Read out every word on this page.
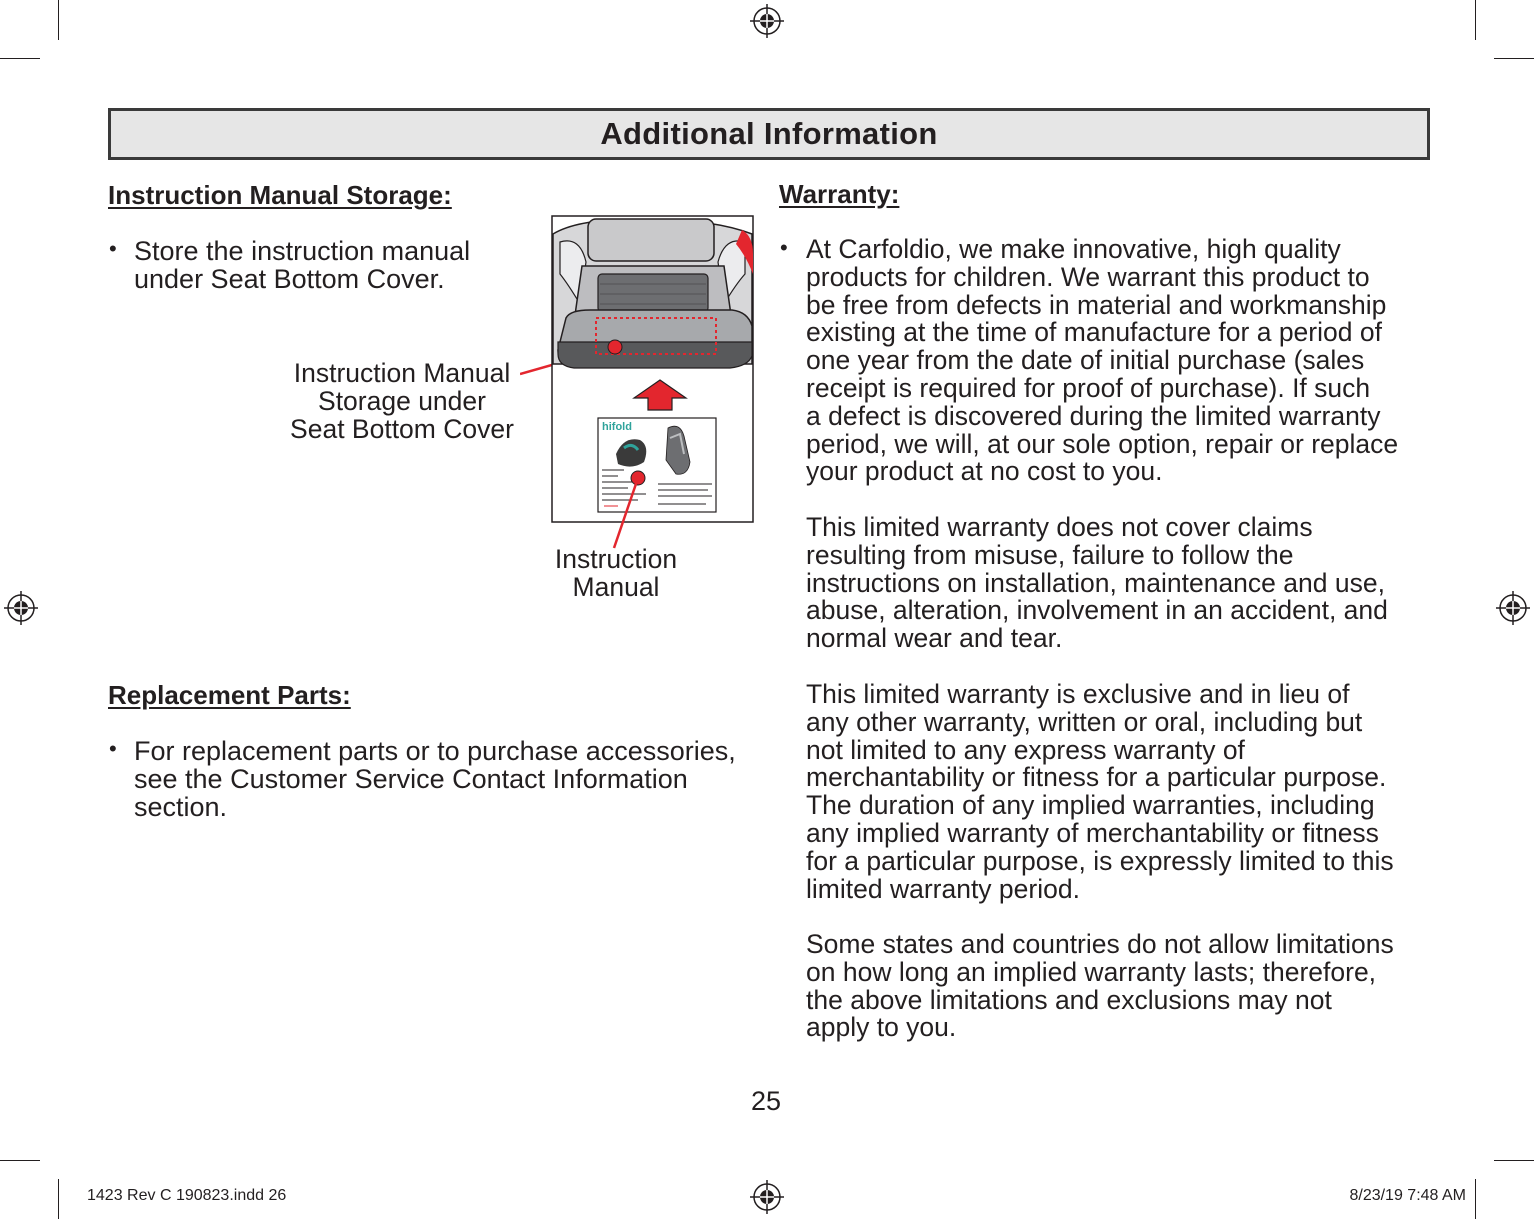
Additional Information
Instruction Manual Storage:
• Store the instruction manual
under Seat Bottom Cover.
Instruction Manual
Storage under
Seat Bottom Cover	hifold
Instruction
Manual
Replacement Parts:
• For replacement parts or to purchase accessories,
see the Customer Service Contact Information
section.
Warranty:
• At Carfoldio, we make innovative, high quality
products for children. We warrant this product to
be free from defects in material and workmanship
existing at the time of manufacture for a period of
one year from the date of initial purchase (sales
receipt is required for proof of purchase). If such
a defect is discovered during the limited warranty
period, we will, at our sole option, repair or replace
your product at no cost to you.
This limited warranty does not cover claims
resulting from misuse, failure to follow the
instructions on installation, maintenance and use,
abuse, alteration, involvement in an accident, and
normal wear and tear.
This limited warranty is exclusive and in lieu of
any other warranty, written or oral, including but
not limited to any express warranty of
merchantability or fitness for a particular purpose.
The duration of any implied warranties, including
any implied warranty of merchantability or fitness
for a particular purpose, is expressly limited to this
limited warranty period.
Some states and countries do not allow limitations
on how long an implied warranty lasts; therefore,
the above limitations and exclusions may not
apply to you.
25
1423 Rev C 190823.indd 26	8/23/19 7:48 AM
